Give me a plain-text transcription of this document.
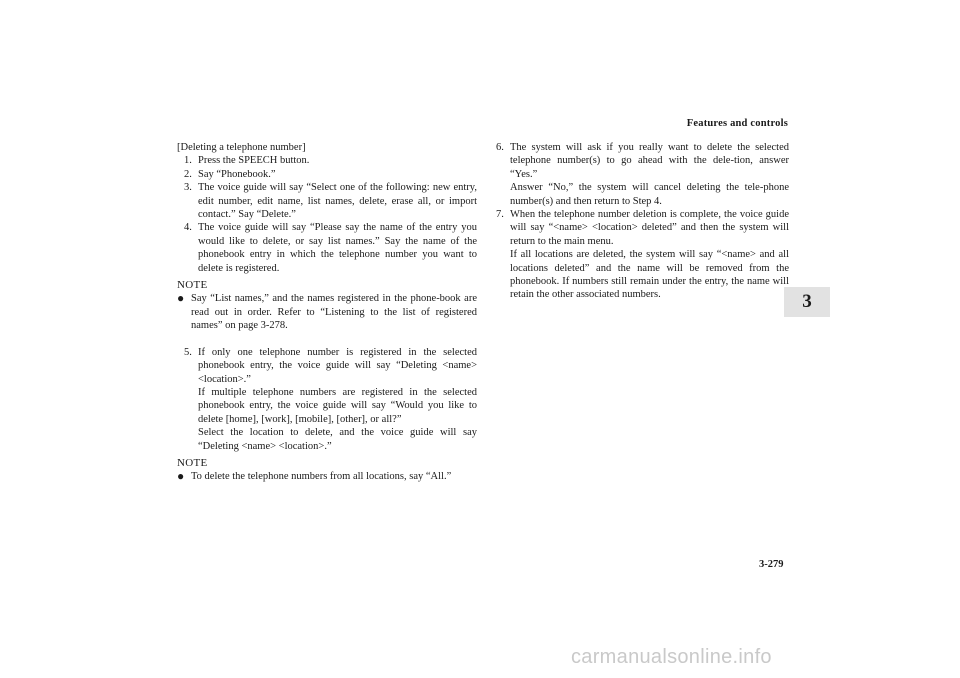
Features and controls
3

[Deleting a telephone number]

1. Press the SPEECH button.

2. Say “Phonebook.”

3. The voice guide will say “Select one of the following: new entry, edit number, edit name, list names, delete, erase all, or import contact.” Say “Delete.”

4. The voice guide will say “Please say the name of the entry you would like to delete, or say list names.” Say the name of the phonebook entry in which the telephone number you want to delete is registered.

NOTE

● Say “List names,” and the names registered in the phone-book are read out in order. Refer to “Listening to the list of registered names” on page 3-278.

5. If only one telephone number is registered in the selected phonebook entry, the voice guide will say “Deleting <name> <location>.”
If multiple telephone numbers are registered in the selected phonebook entry, the voice guide will say “Would you like to delete [home], [work], [mobile], [other], or all?”
Select the location to delete, and the voice guide will say “Deleting <name> <location>.”

NOTE

● To delete the telephone numbers from all locations, say “All.”

6. The system will ask if you really want to delete the selected telephone number(s) to go ahead with the dele-tion, answer “Yes.”
Answer “No,” the system will cancel deleting the tele-phone number(s) and then return to Step 4.

7. When the telephone number deletion is complete, the voice guide will say “<name> <location> deleted” and then the system will return to the main menu.
If all locations are deleted, the system will say “<name> and all locations deleted” and the name will be removed from the phonebook. If numbers still remain under the entry, the name will retain the other associated numbers.

3-279
carmanualsonline.info
